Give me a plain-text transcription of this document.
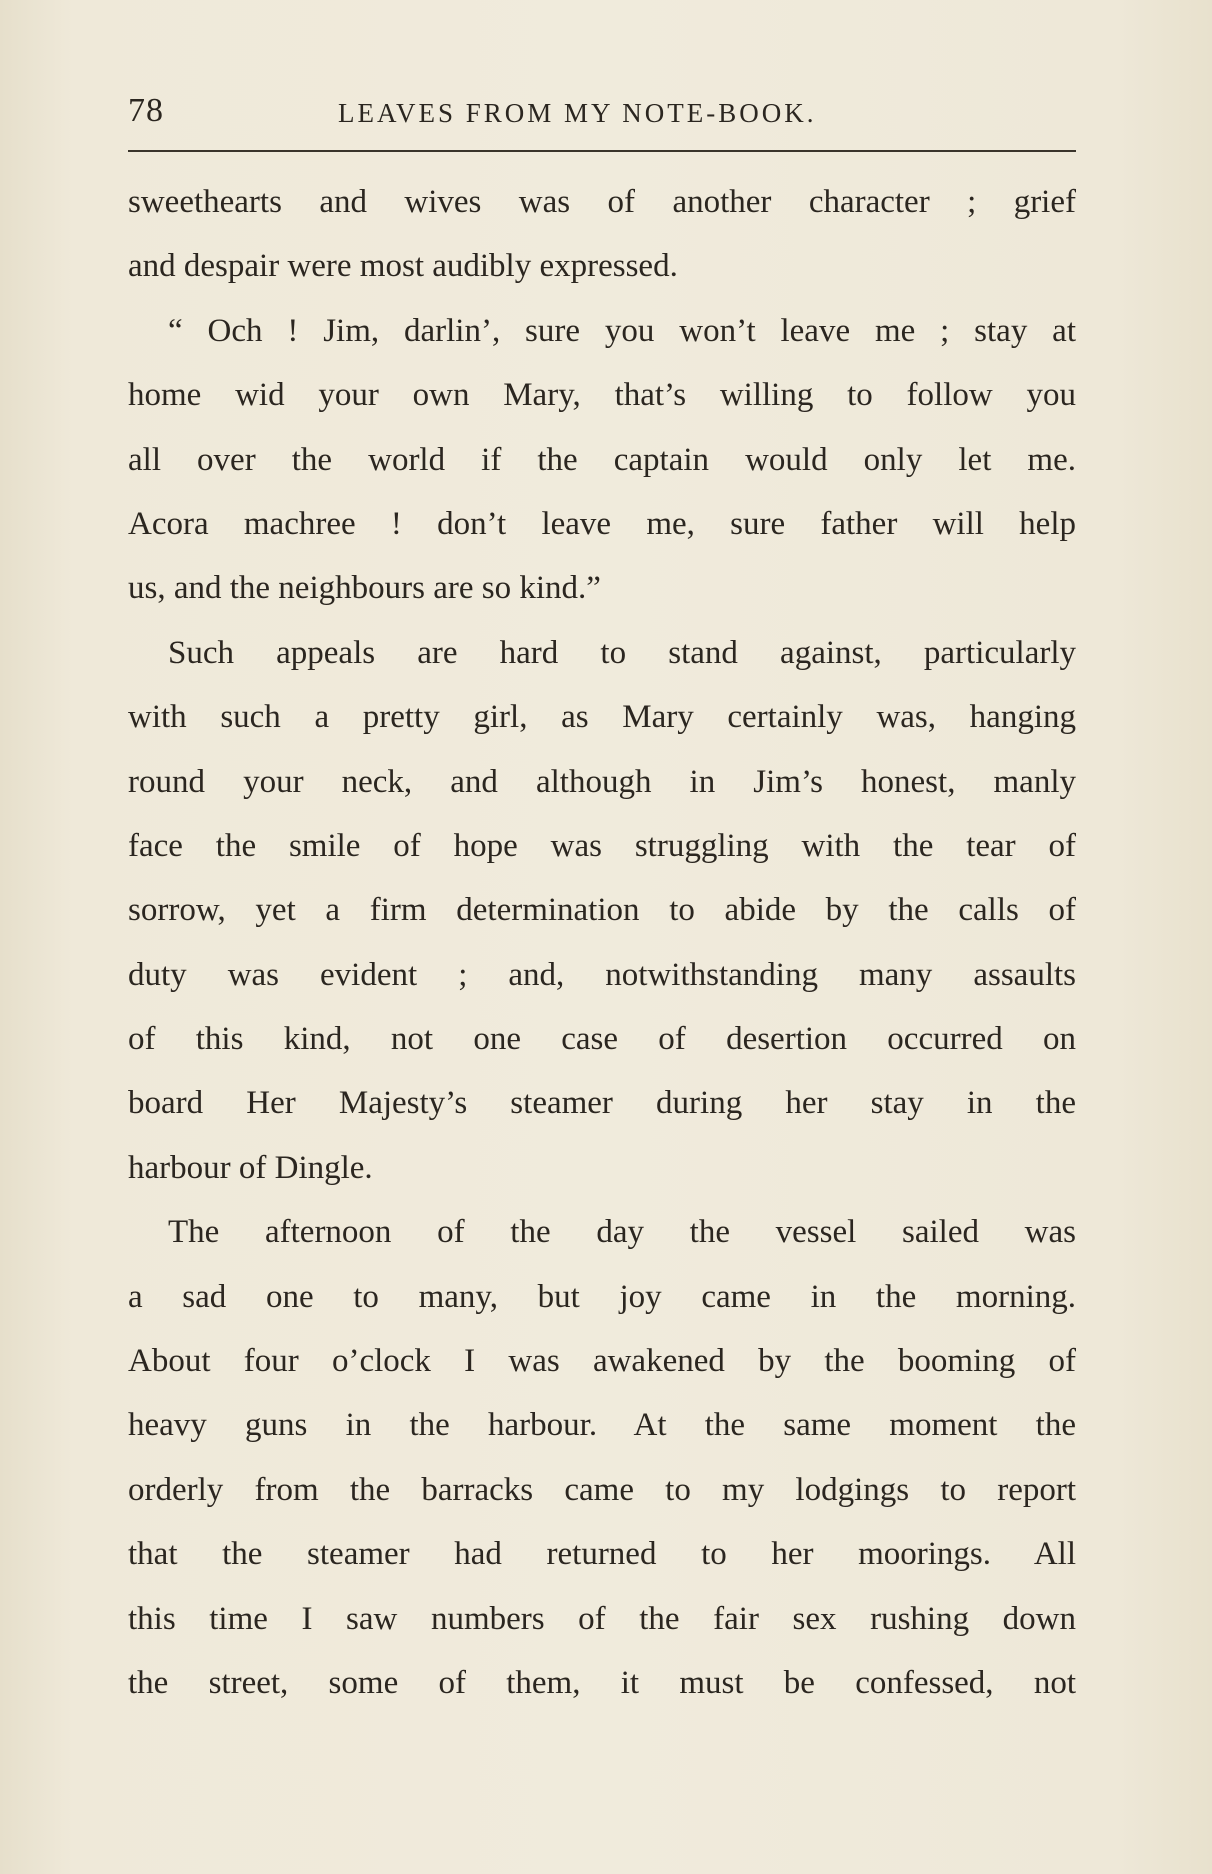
78	LEAVES FROM MY NOTE-BOOK.
sweethearts and wives was of another character ; grief
and despair were most audibly expressed.
“ Och ! Jim, darlin’, sure you won’t leave me ; stay at
home wid your own Mary, that’s willing to follow you
all over the world if the captain would only let me.
Acora machree ! don’t leave me, sure father will help
us, and the neighbours are so kind.”
Such appeals are hard to stand against, particularly
with such a pretty girl, as Mary certainly was, hanging
round your neck, and although in Jim’s honest, manly
face the smile of hope was struggling with the tear of
sorrow, yet a firm determination to abide by the calls of
duty was evident ; and, notwithstanding many assaults
of this kind, not one case of desertion occurred on
board Her Majesty’s steamer during her stay in the
harbour of Dingle.
The afternoon of the day the vessel sailed was
a sad one to many, but joy came in the morning.
About four o’clock I was awakened by the booming of
heavy guns in the harbour. At the same moment the
orderly from the barracks came to my lodgings to report
that the steamer had returned to her moorings. All
this time I saw numbers of the fair sex rushing down
the street, some of them, it must be confessed, not
